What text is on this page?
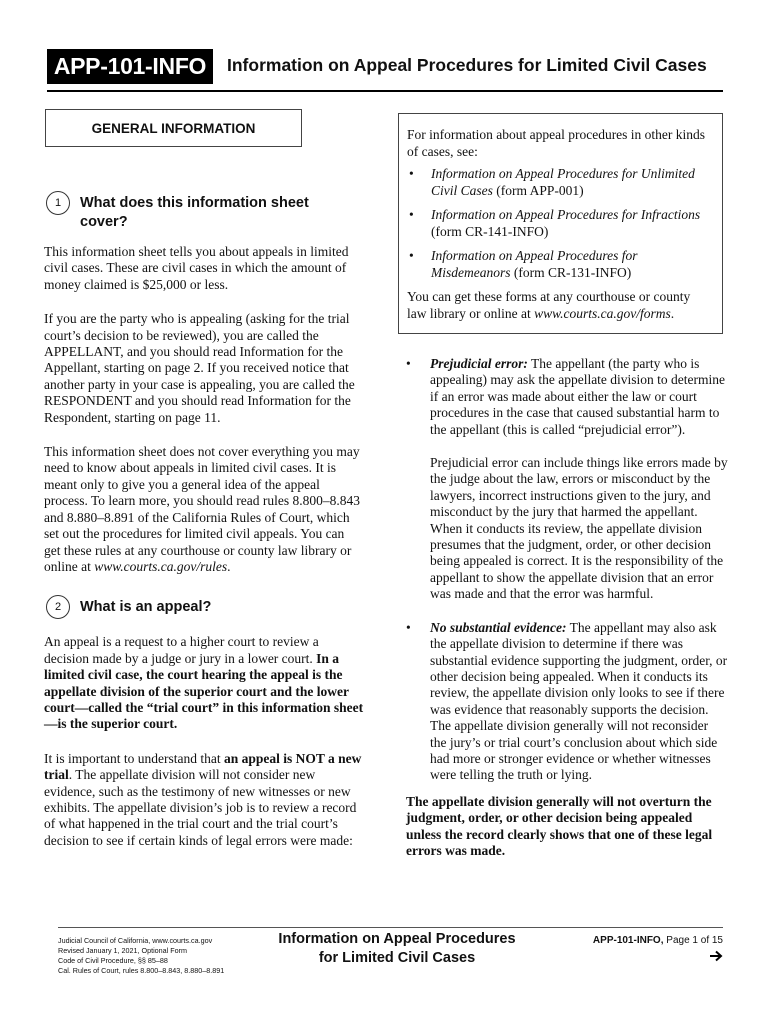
APP-101-INFO	Information on Appeal Procedures for Limited Civil Cases
GENERAL INFORMATION
1	What does this information sheet cover?

This information sheet tells you about appeals in limited civil cases. These are civil cases in which the amount of money claimed is $25,000 or less.

If you are the party who is appealing (asking for the trial court’s decision to be reviewed), you are called the APPELLANT, and you should read Information for the Appellant, starting on page 2. If you received notice that another party in your case is appealing, you are called the RESPONDENT and you should read Information for the Respondent, starting on page 11.

This information sheet does not cover everything you may need to know about appeals in limited civil cases. It is meant only to give you a general idea of the appeal process. To learn more, you should read rules 8.800–8.843 and 8.880–8.891 of the California Rules of Court, which set out the procedures for limited civil appeals. You can get these rules at any courthouse or county law library or online at www.courts.ca.gov/rules.

2	What is an appeal?

An appeal is a request to a higher court to review a decision made by a judge or jury in a lower court. In a limited civil case, the court hearing the appeal is the appellate division of the superior court and the lower court—called the “trial court” in this information sheet—is the superior court.

It is important to understand that an appeal is NOT a new trial. The appellate division will not consider new evidence, such as the testimony of new witnesses or new exhibits. The appellate division’s job is to review a record of what happened in the trial court and the trial court’s decision to see if certain kinds of legal errors were made:

For information about appeal procedures in other kinds of cases, see:

• Information on Appeal Procedures for Unlimited Civil Cases (form APP-001)
• Information on Appeal Procedures for Infractions (form CR-141-INFO)
• Information on Appeal Procedures for Misdemeanors (form CR-131-INFO)

You can get these forms at any courthouse or county law library or online at www.courts.ca.gov/forms.

• Prejudicial error: The appellant (the party who is appealing) may ask the appellate division to determine if an error was made about either the law or court procedures in the case that caused substantial harm to the appellant (this is called “prejudicial error”).

Prejudicial error can include things like errors made by the judge about the law, errors or misconduct by the lawyers, incorrect instructions given to the jury, and misconduct by the jury that harmed the appellant. When it conducts its review, the appellate division presumes that the judgment, order, or other decision being appealed is correct. It is the responsibility of the appellant to show the appellate division that an error was made and that the error was harmful.

• No substantial evidence: The appellant may also ask the appellate division to determine if there was substantial evidence supporting the judgment, order, or other decision being appealed. When it conducts its review, the appellate division only looks to see if there was evidence that reasonably supports the decision. The appellate division generally will not reconsider the jury’s or trial court’s conclusion about which side had more or stronger evidence or whether witnesses were telling the truth or lying.

The appellate division generally will not overturn the judgment, order, or other decision being appealed unless the record clearly shows that one of these legal errors was made.

Judicial Council of California, www.courts.ca.gov
Revised January 1, 2021, Optional Form
Code of Civil Procedure, §§ 85–88
Cal. Rules of Court, rules 8.800–8.843, 8.880–8.891
Information on Appeal Procedures
for Limited Civil Cases
APP-101-INFO, Page 1 of 15
